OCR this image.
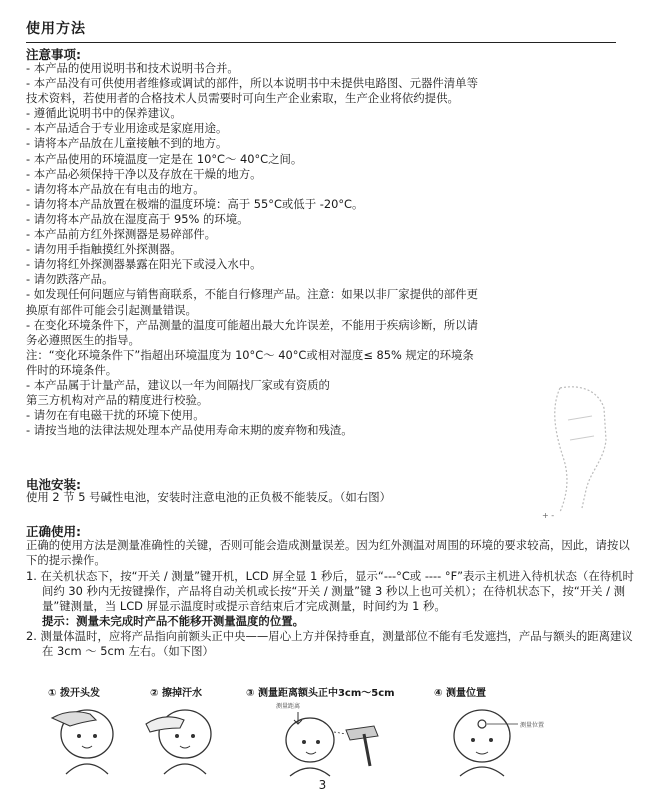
使用方法
注意事项:
- 本产品的使用说明书和技术说明书合并。
- 本产品没有可供使用者维修或调试的部件，所以本说明书中未提供电路图、元器件清单等
技术资料，若使用者的合格技术人员需要时可向生产企业索取，生产企业将依约提供。
- 遵循此说明书中的保养建议。
- 本产品适合于专业用途或是家庭用途。
- 请将本产品放在儿童接触不到的地方。
- 本产品使用的环境温度一定是在 10°C～ 40°C之间。
- 本产品必须保持干净以及存放在干燥的地方。
- 请勿将本产品放在有电击的地方。
- 请勿将本产品放置在极端的温度环境：高于 55°C或低于 -20°C。
- 请勿将本产品放在湿度高于 95% 的环境。
- 本产品前方红外探测器是易碎部件。
- 请勿用手指触摸红外探测器。
- 请勿将红外探测器暴露在阳光下或浸入水中。
- 请勿跌落产品。
- 如发现任何问题应与销售商联系，不能自行修理产品。注意：如果以非厂家提供的部件更
换原有部件可能会引起测量错误。
- 在变化环境条件下，产品测量的温度可能超出最大允许误差，不能用于疾病诊断，所以请
务必遵照医生的指导。
注：“变化环境条件下”指超出环境温度为 10°C～ 40°C或相对湿度≤ 85% 规定的环境条
件时的环境条件。
- 本产品属于计量产品，建议以一年为间隔找厂家或有资质的
第三方机构对产品的精度进行校验。
- 请勿在有电磁干扰的环境下使用。
- 请按当地的法律法规处理本产品使用寿命末期的废弃物和残渣。
+ -
电池安装:
使用 2 节 5 号碱性电池，安装时注意电池的正负极不能装反。（如右图）
正确使用:
正确的使用方法是测量准确性的关键，否则可能会造成测量误差。因为红外测温对周围的环境的要求较高，因此，请按以下的提示操作。
1. 在关机状态下，按“开关 / 测量”键开机，LCD 屏全显 1 秒后，显示“---°C或 ---- °F”表示主机进入待机状态（在待机时间约 30 秒内无按键操作，产品将自动关机或长按“开关 / 测量”键 3 秒以上也可关机）；在待机状态下，按“开关 / 测量”键测量，当 LCD 屏显示温度时或提示音结束后才完成测量，时间约为 1 秒。
提示：测量未完成时产品不能移开测量温度的位置。
2. 测量体温时，应将产品指向前额头正中央——眉心上方并保持垂直，测量部位不能有毛发遮挡，产品与额头的距离建议在 3cm ～ 5cm 左右。（如下图）
① 拨开头发	② 擦掉汗水	③ 测量距离额头正中3cm～5cm	④ 测量位置
测量距离
测量位置
3
